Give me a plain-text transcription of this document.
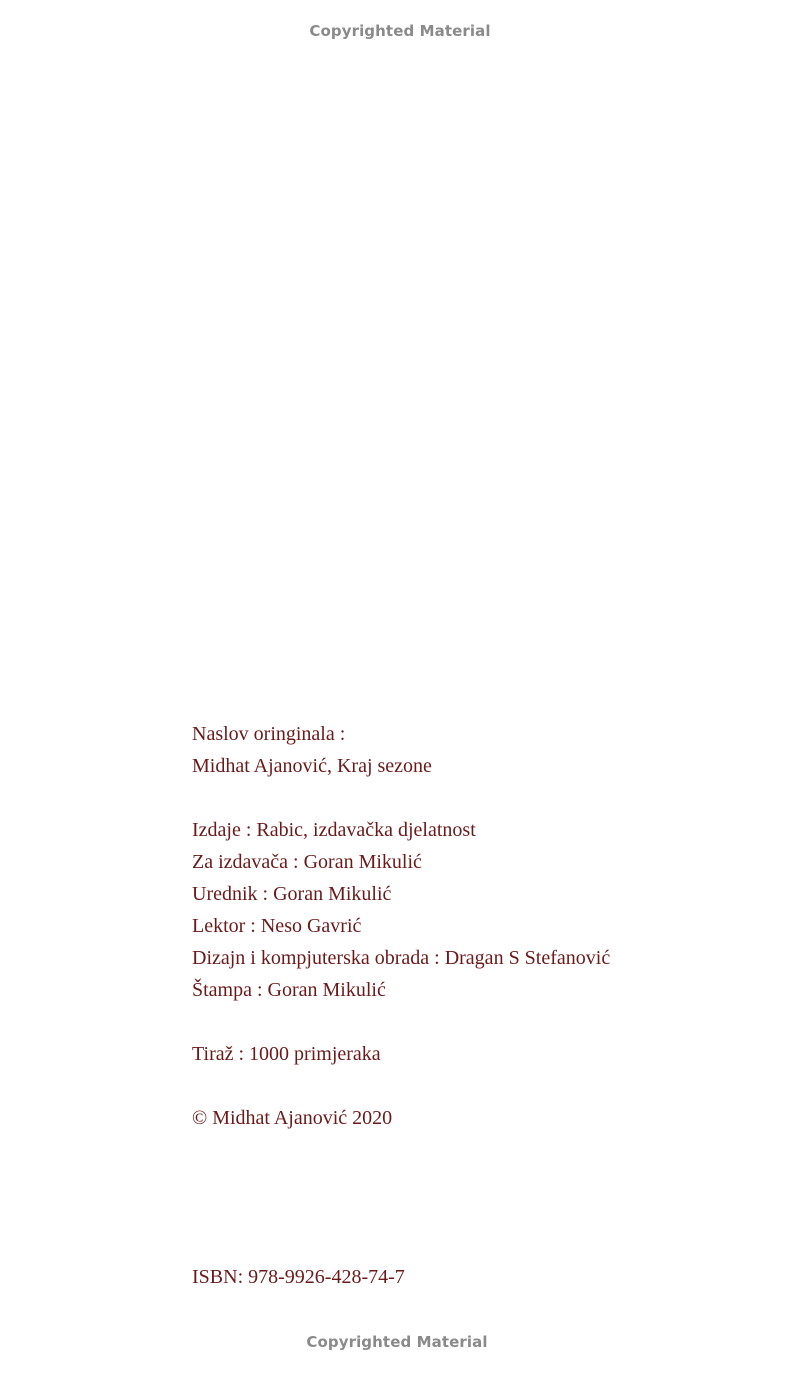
Copyrighted Material
Naslov oringinala :
Midhat Ajanović, Kraj sezone
Izdaje : Rabic, izdavačka djelatnost
Za izdavača : Goran Mikulić
Urednik : Goran Mikulić
Lektor : Neso Gavrić
Dizajn i kompjuterska obrada : Dragan S Stefanović
Štampa : Goran Mikulić
Tiraž : 1000 primjeraka
© Midhat Ajanović 2020
ISBN: 978-9926-428-74-7
Copyrighted Material
